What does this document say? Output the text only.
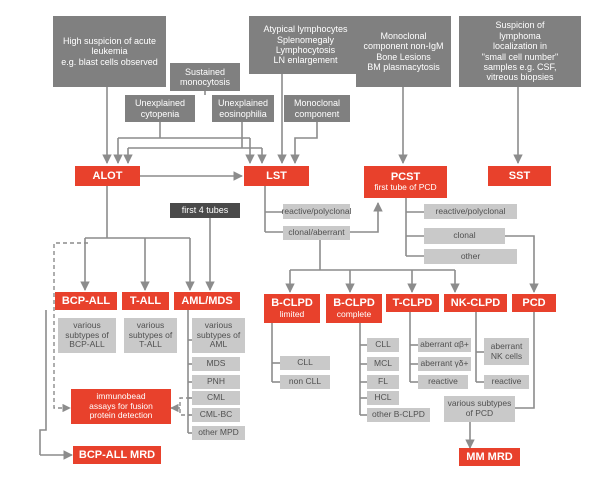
High suspicion of acute
leukemia
e.g. blast cells observed
Atypical lymphocytes
Splenomegaly
Lymphocytosis
LN enlargement
Monoclonal
component non-IgM
Bone Lesions
BM plasmacytosis
Suspicion of
lymphoma
localization in
"small cell number"
samples e.g. CSF,
vitreous biopsies
Sustained
monocytosis
Unexplained
cytopenia
Unexplained
eosinophilia
Monoclonal
component
ALOT	LST	PCST
first tube of PCD
SST
first 4 tubes	reactive/polyclonal
clonal/aberrant
reactive/polyclonal
clonal
other
BCP-ALL T-ALL AML/MDS	B-CLPD
limited
B-CLPD
complete
T-CLPD NK-CLPD PCD
various
subtypes of
BCP-ALL
various
subtypes of
T-ALL
various
subtypes of
AML
MDS
PNH
CML
CML-BC
other MPD
CLL
non CLL
CLL
MCL
FL
HCL
other B-CLPD
aberrant αβ+
aberrant γδ+
reactive
aberrant
NK cells
reactive
various subtypes
of PCD
immunobead
assays for fusion
protein detection
BCP-ALL MRD	MM MRD
